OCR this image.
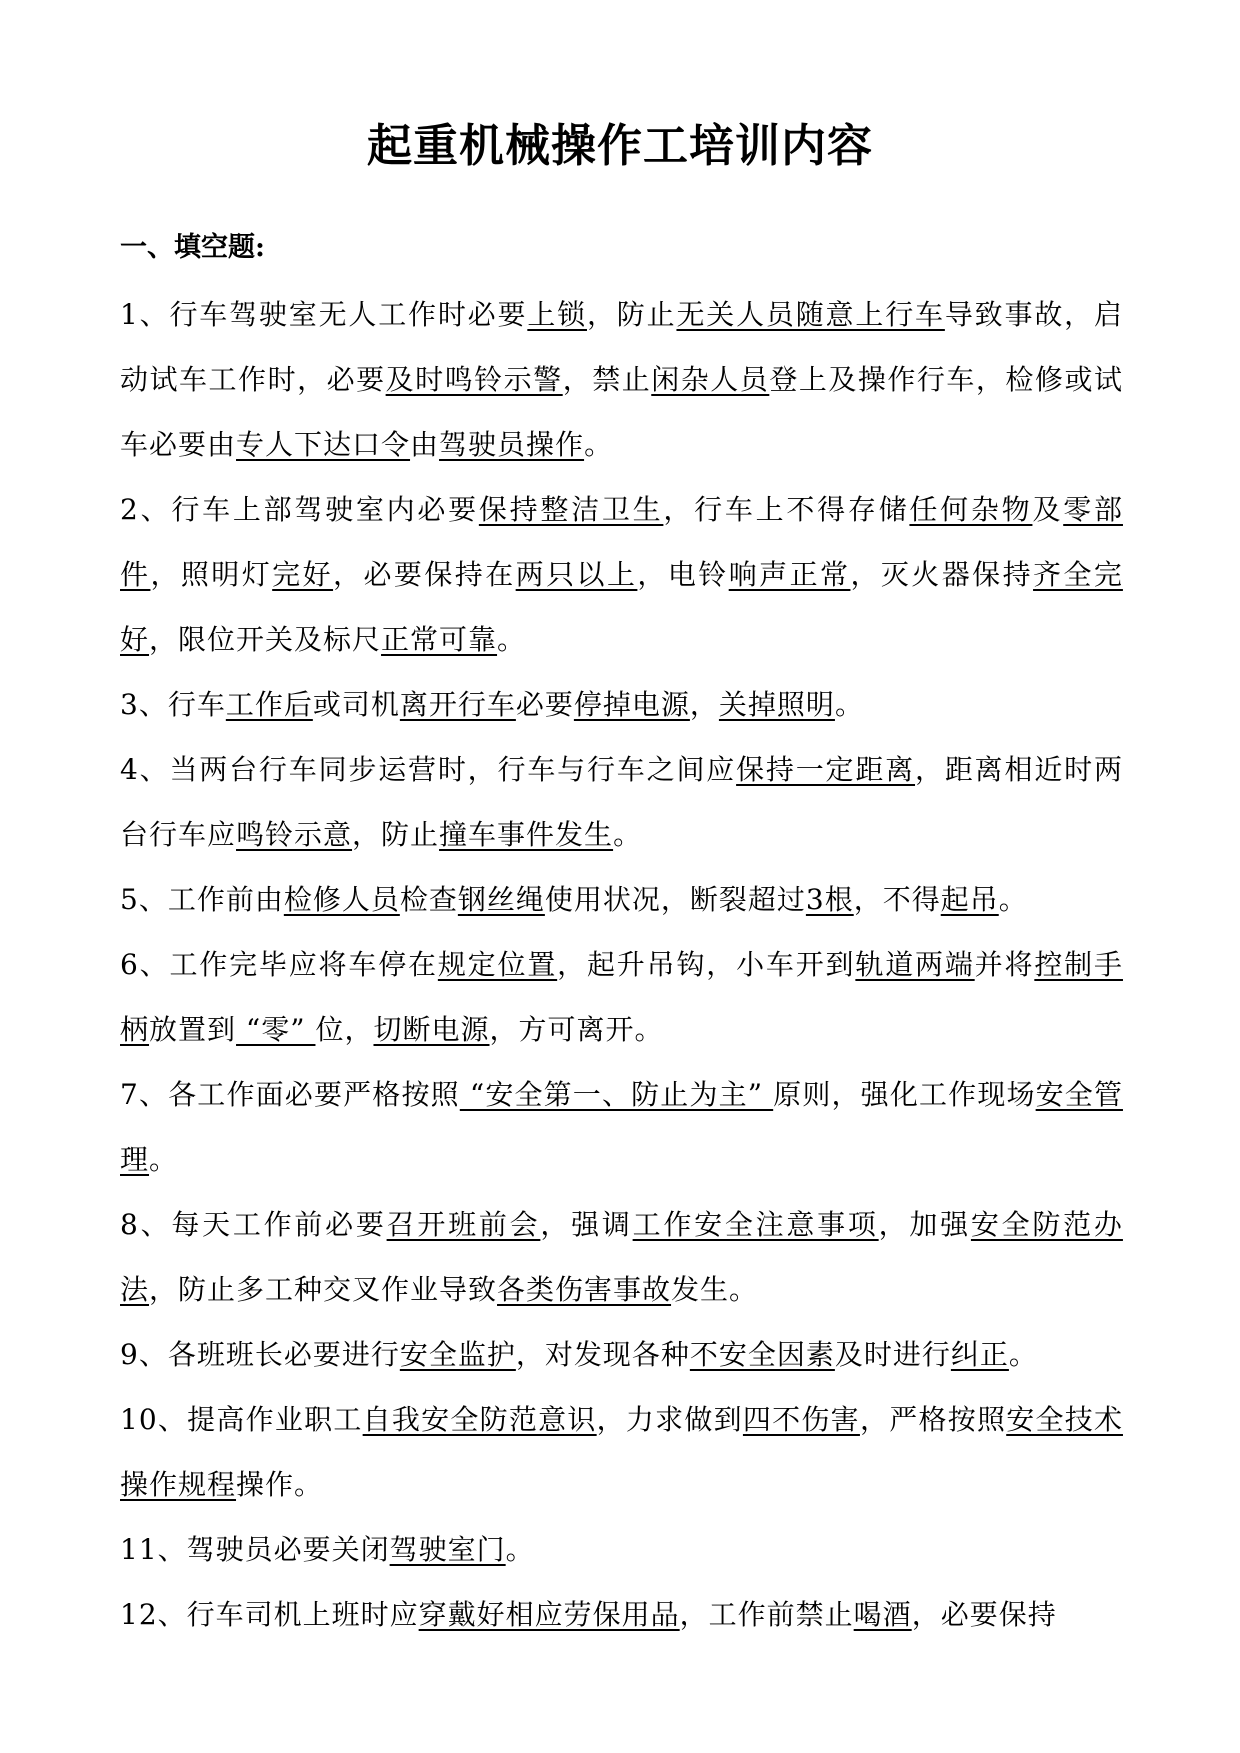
起重机械操作工培训内容
一、填空题:

1、行车驾驶室无人工作时必要上锁，防止无关人员随意上行车导致事故，启动试车工作时，必要及时鸣铃示警，禁止闲杂人员登上及操作行车，检修或试车必要由专人下达口令由驾驶员操作。

2、行车上部驾驶室内必要保持整洁卫生，行车上不得存储任何杂物及零部件，照明灯完好，必要保持在两只以上，电铃响声正常，灭火器保持齐全完好，限位开关及标尺正常可靠。

3、行车工作后或司机离开行车必要停掉电源，关掉照明。

4、当两台行车同步运营时，行车与行车之间应保持一定距离，距离相近时两台行车应鸣铃示意，防止撞车事件发生。

5、工作前由检修人员检查钢丝绳使用状况，断裂超过3根，不得起吊。

6、工作完毕应将车停在规定位置，起升吊钩，小车开到轨道两端并将控制手柄放置到 “零” 位，切断电源，方可离开。

7、各工作面必要严格按照 “安全第一、防止为主” 原则，强化工作现场安全管理。

8、每天工作前必要召开班前会，强调工作安全注意事项，加强安全防范办法，防止多工种交叉作业导致各类伤害事故发生。

9、各班班长必要进行安全监护，对发现各种不安全因素及时进行纠正。

10、提高作业职工自我安全防范意识，力求做到四不伤害，严格按照安全技术操作规程操作。

11、驾驶员必要关闭驾驶室门。

12、行车司机上班时应穿戴好相应劳保用品，工作前禁止喝酒，必要保持
